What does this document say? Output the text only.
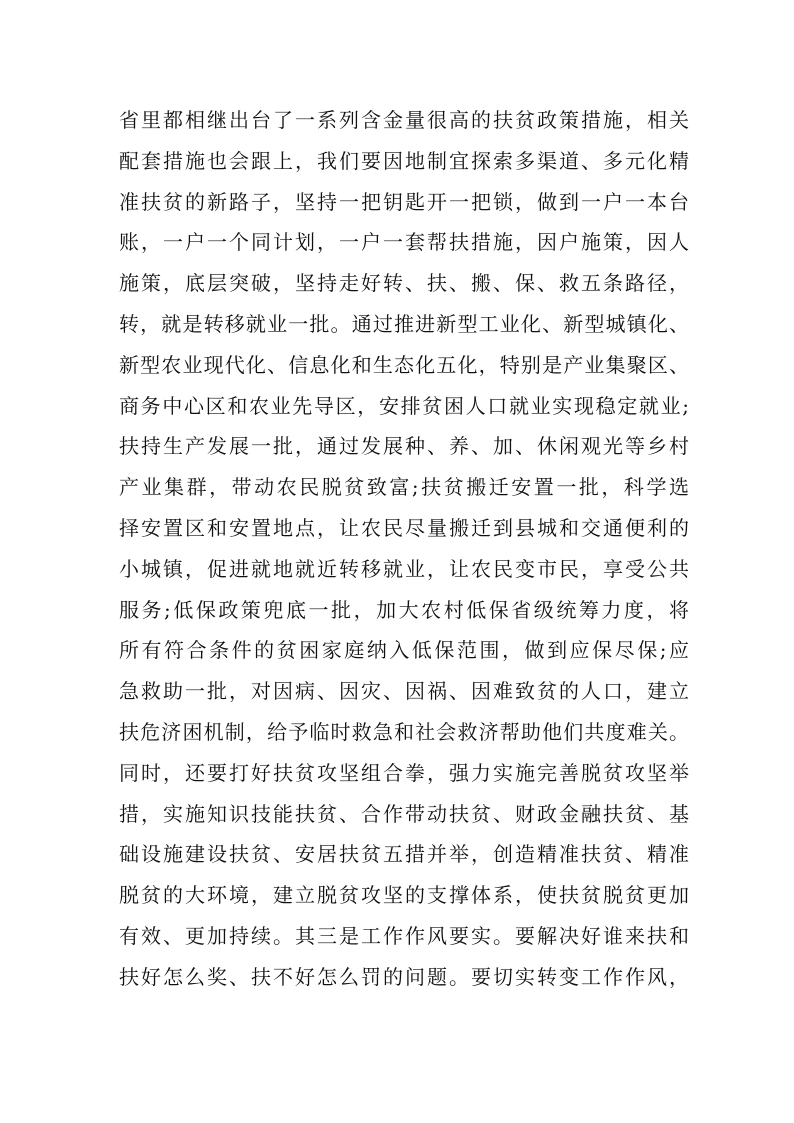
省里都相继出台了一系列含金量很高的扶贫政策措施，相关
配套措施也会跟上，我们要因地制宜探索多渠道、多元化精
准扶贫的新路子，坚持一把钥匙开一把锁，做到一户一本台
账，一户一个同计划，一户一套帮扶措施，因户施策，因人
施策，底层突破，坚持走好转、扶、搬、保、救五条路径，
转，就是转移就业一批。通过推进新型工业化、新型城镇化、
新型农业现代化、信息化和生态化五化，特别是产业集聚区、
商务中心区和农业先导区，安排贫困人口就业实现稳定就业;
扶持生产发展一批，通过发展种、养、加、休闲观光等乡村
产业集群，带动农民脱贫致富;扶贫搬迁安置一批，科学选
择安置区和安置地点，让农民尽量搬迁到县城和交通便利的
小城镇，促进就地就近转移就业，让农民变市民，享受公共
服务;低保政策兜底一批，加大农村低保省级统筹力度，将
所有符合条件的贫困家庭纳入低保范围，做到应保尽保;应
急救助一批，对因病、因灾、因祸、因难致贫的人口，建立
扶危济困机制，给予临时救急和社会救济帮助他们共度难关。
同时，还要打好扶贫攻坚组合拳，强力实施完善脱贫攻坚举
措，实施知识技能扶贫、合作带动扶贫、财政金融扶贫、基
础设施建设扶贫、安居扶贫五措并举，创造精准扶贫、精准
脱贫的大环境，建立脱贫攻坚的支撑体系，使扶贫脱贫更加
有效、更加持续。其三是工作作风要实。要解决好谁来扶和
扶好怎么奖、扶不好怎么罚的问题。要切实转变工作作风，
